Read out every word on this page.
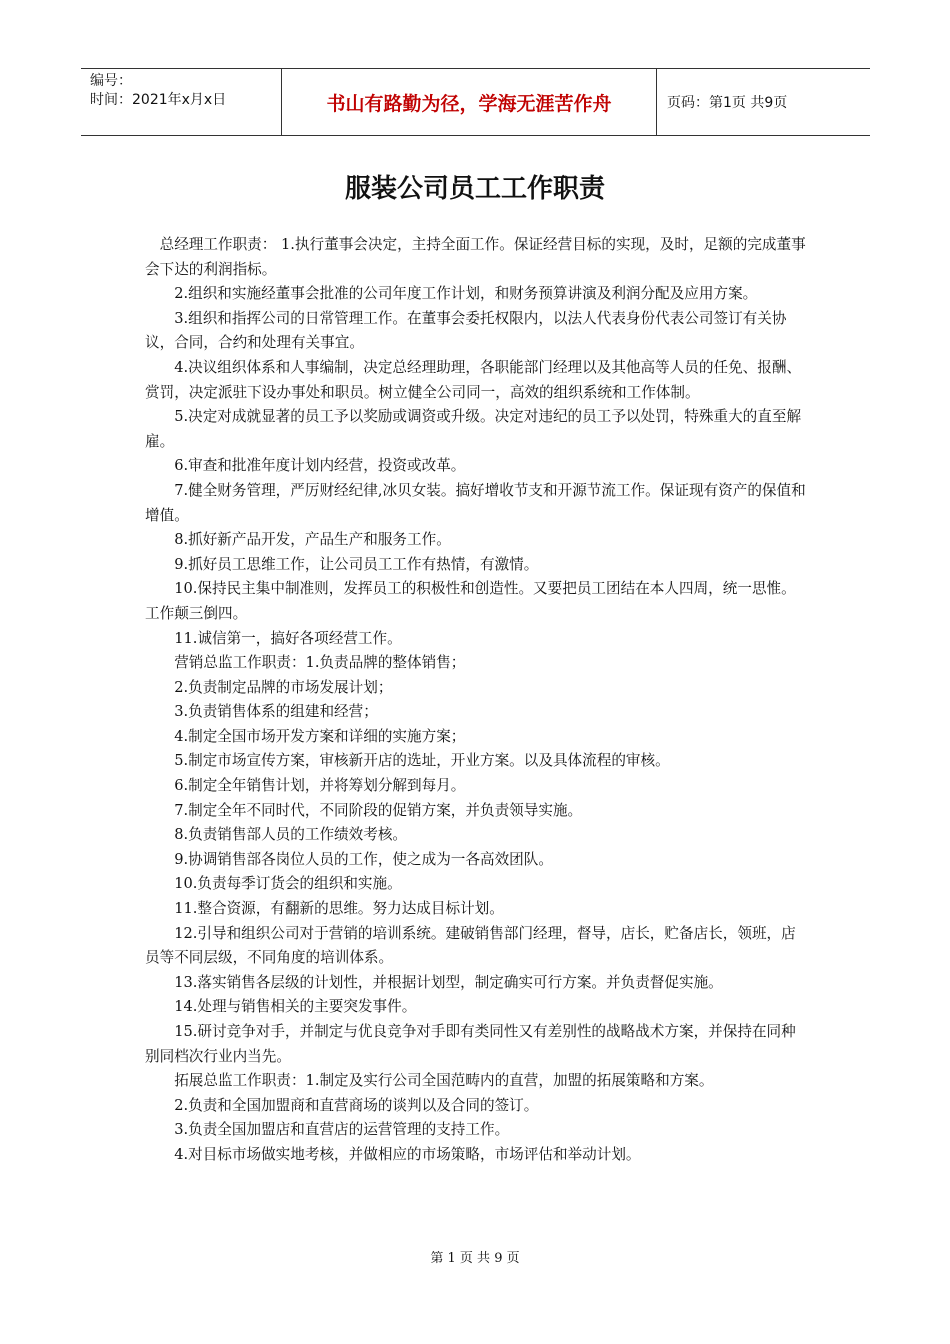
编号：
时间：2021年x月x日	书山有路勤为径，学海无涯苦作舟	页码：第1页 共9页
服装公司员工工作职责

总经理工作职责： 1.执行董事会决定，主持全面工作。保证经营目标的实现，及时，足额的完成董事会下达的利润指标。

2.组织和实施经董事会批准的公司年度工作计划，和财务预算讲演及利润分配及应用方案。

3.组织和指挥公司的日常管理工作。在董事会委托权限内，以法人代表身份代表公司签订有关协议，合同，合约和处理有关事宜。

4.决议组织体系和人事编制，决定总经理助理，各职能部门经理以及其他高等人员的任免、报酬、赏罚，决定派驻下设办事处和职员。树立健全公司同一，高效的组织系统和工作体制。

5.决定对成就显著的员工予以奖励或调资或升级。决定对违纪的员工予以处罚，特殊重大的直至解雇。

6.审查和批准年度计划内经营，投资或改革。

7.健全财务管理，严厉财经纪律,冰贝女装。搞好增收节支和开源节流工作。保证现有资产的保值和增值。

8.抓好新产品开发，产品生产和服务工作。

9.抓好员工思维工作，让公司员工工作有热情，有激情。

10.保持民主集中制准则，发挥员工的积极性和创造性。又要把员工团结在本人四周，统一思惟。工作颠三倒四。

11.诚信第一，搞好各项经营工作。

营销总监工作职责：1.负责品牌的整体销售；

2.负责制定品牌的市场发展计划；

3.负责销售体系的组建和经营；

4.制定全国市场开发方案和详细的实施方案；

5.制定市场宣传方案，审核新开店的选址，开业方案。以及具体流程的审核。

6.制定全年销售计划，并将筹划分解到每月。

7.制定全年不同时代，不同阶段的促销方案，并负责领导实施。

8.负责销售部人员的工作绩效考核。

9.协调销售部各岗位人员的工作，使之成为一各高效团队。

10.负责每季订货会的组织和实施。

11.整合资源，有翻新的思维。努力达成目标计划。

12.引导和组织公司对于营销的培训系统。建破销售部门经理，督导，店长，贮备店长，领班，店员等不同层级，不同角度的培训体系。

13.落实销售各层级的计划性，并根据计划型，制定确实可行方案。并负责督促实施。

14.处理与销售相关的主要突发事件。

15.研讨竞争对手，并制定与优良竞争对手即有类同性又有差别性的战略战术方案，并保持在同种别同档次行业内当先。

拓展总监工作职责：1.制定及实行公司全国范畴内的直营，加盟的拓展策略和方案。

2.负责和全国加盟商和直营商场的谈判以及合同的签订。

3.负责全国加盟店和直营店的运营管理的支持工作。

4.对目标市场做实地考核，并做相应的市场策略，市场评估和举动计划。

第 1 页 共 9 页
